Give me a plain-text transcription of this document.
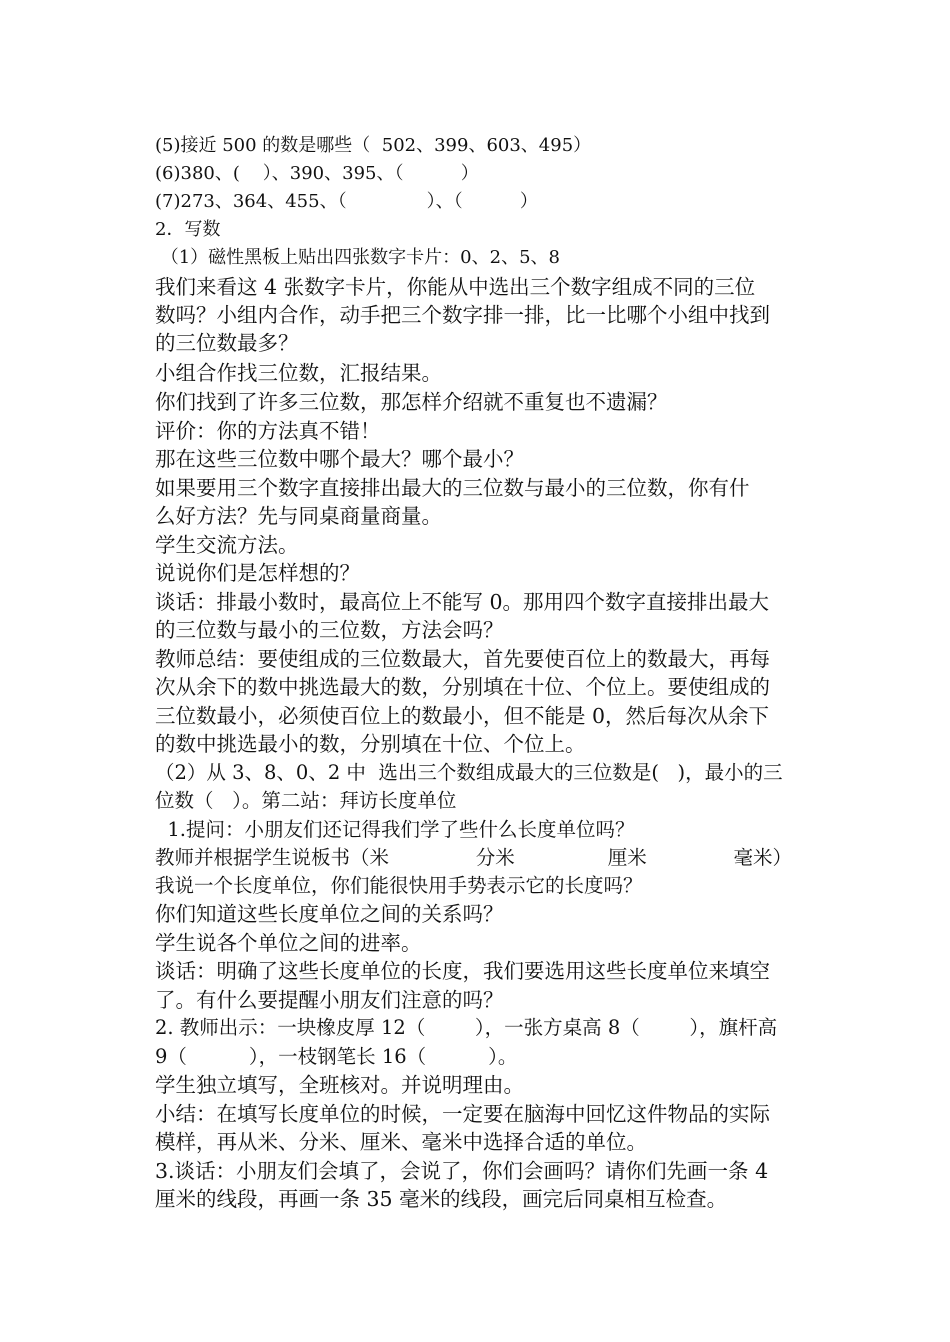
(5)接近 500 的数是哪些（  502、399、603、495）
(6)380、(    ）、390、395、（          ）
(7)273、364、455、（              ）、（          ）
2．写数
（1）磁性黑板上贴出四张数字卡片：0、2、5、8
我们来看这 4 张数字卡片，你能从中选出三个数字组成不同的三位
数吗？小组内合作，动手把三个数字排一排，比一比哪个小组中找到
的三位数最多？
小组合作找三位数，汇报结果。
你们找到了许多三位数，那怎样介绍就不重复也不遗漏？
评价：你的方法真不错！
那在这些三位数中哪个最大？哪个最小？
如果要用三个数字直接排出最大的三位数与最小的三位数，你有什
么好方法？先与同桌商量商量。
学生交流方法。
说说你们是怎样想的？
谈话：排最小数时，最高位上不能写 0。那用四个数字直接排出最大
的三位数与最小的三位数，方法会吗？
教师总结：要使组成的三位数最大，首先要使百位上的数最大，再每
次从余下的数中挑选最大的数，分别填在十位、个位上。要使组成的
三位数最小，必须使百位上的数最小，但不能是 0，然后每次从余下
的数中挑选最小的数，分别填在十位、个位上。
（2）从 3、8、0、2 中  选出三个数组成最大的三位数是(   )，最小的三
位数（   ）。第二站：拜访长度单位
1.提问：小朋友们还记得我们学了些什么长度单位吗？
教师并根据学生说板书（米              分米               厘米              毫米）
我说一个长度单位，你们能很快用手势表示它的长度吗？
你们知道这些长度单位之间的关系吗？
学生说各个单位之间的进率。
谈话：明确了这些长度单位的长度，我们要选用这些长度单位来填空
了。有什么要提醒小朋友们注意的吗？
2. 教师出示：一块橡皮厚 12（        ），一张方桌高 8（        ），旗杆高
9（          ），一枝钢笔长 16（          ）。
学生独立填写，全班核对。并说明理由。
小结：在填写长度单位的时候，一定要在脑海中回忆这件物品的实际
模样，再从米、分米、厘米、毫米中选择合适的单位。
3.谈话：小朋友们会填了，会说了，你们会画吗？请你们先画一条 4
厘米的线段，再画一条 35 毫米的线段，画完后同桌相互检查。
